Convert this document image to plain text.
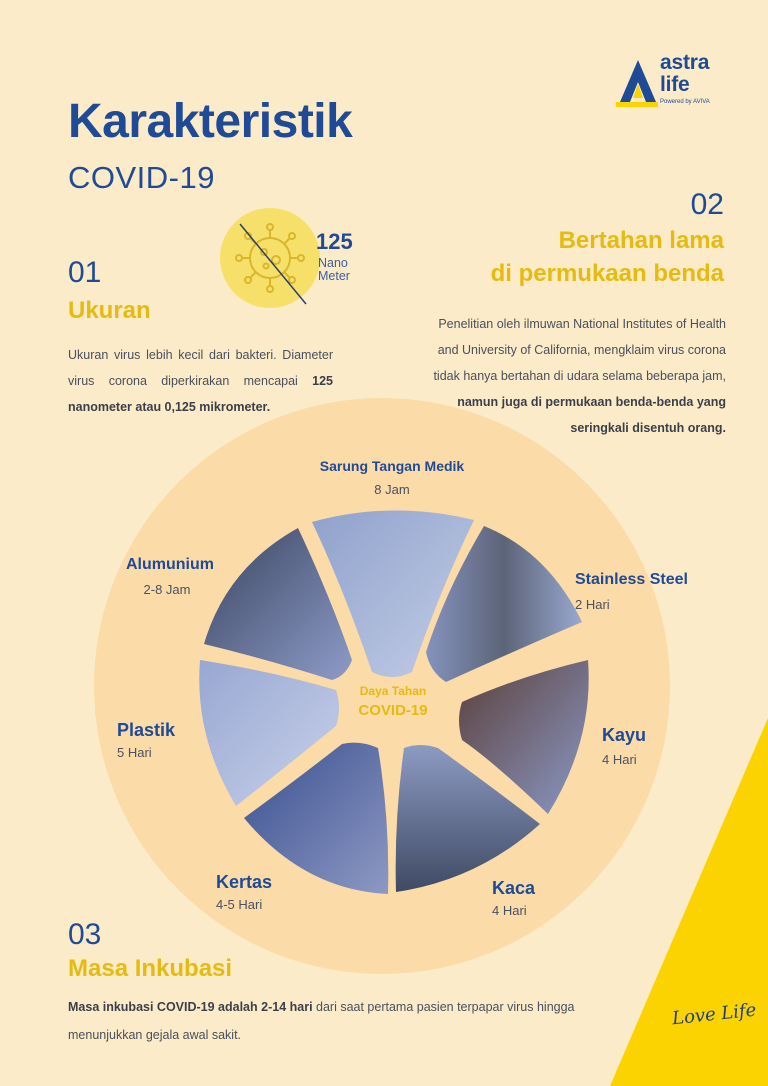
astra
life
Powered by AVIVA
Karakteristik
COVID-19
125
Nano
Meter
01
Ukuran
Ukuran virus lebih kecil dari bakteri. Diameter virus corona diperkirakan mencapai 125 nanometer atau 0,125 mikrometer.
02
Bertahan lama
di permukaan benda
Penelitian oleh ilmuwan National Institutes of Health and University of California, mengklaim virus corona tidak hanya bertahan di udara selama beberapa jam, namun juga di permukaan benda-benda yang seringkali disentuh orang.
Daya Tahan
COVID-19
Sarung Tangan Medik
8 Jam
Stainless Steel
2 Hari
Kayu
4 Hari
Kaca
4 Hari
Kertas
4-5 Hari
Plastik
5 Hari
Alumunium
2-8 Jam
03
Masa Inkubasi
Masa inkubasi COVID-19 adalah 2-14 hari dari saat pertama pasien terpapar virus hingga menunjukkan gejala awal sakit.
Love Life
